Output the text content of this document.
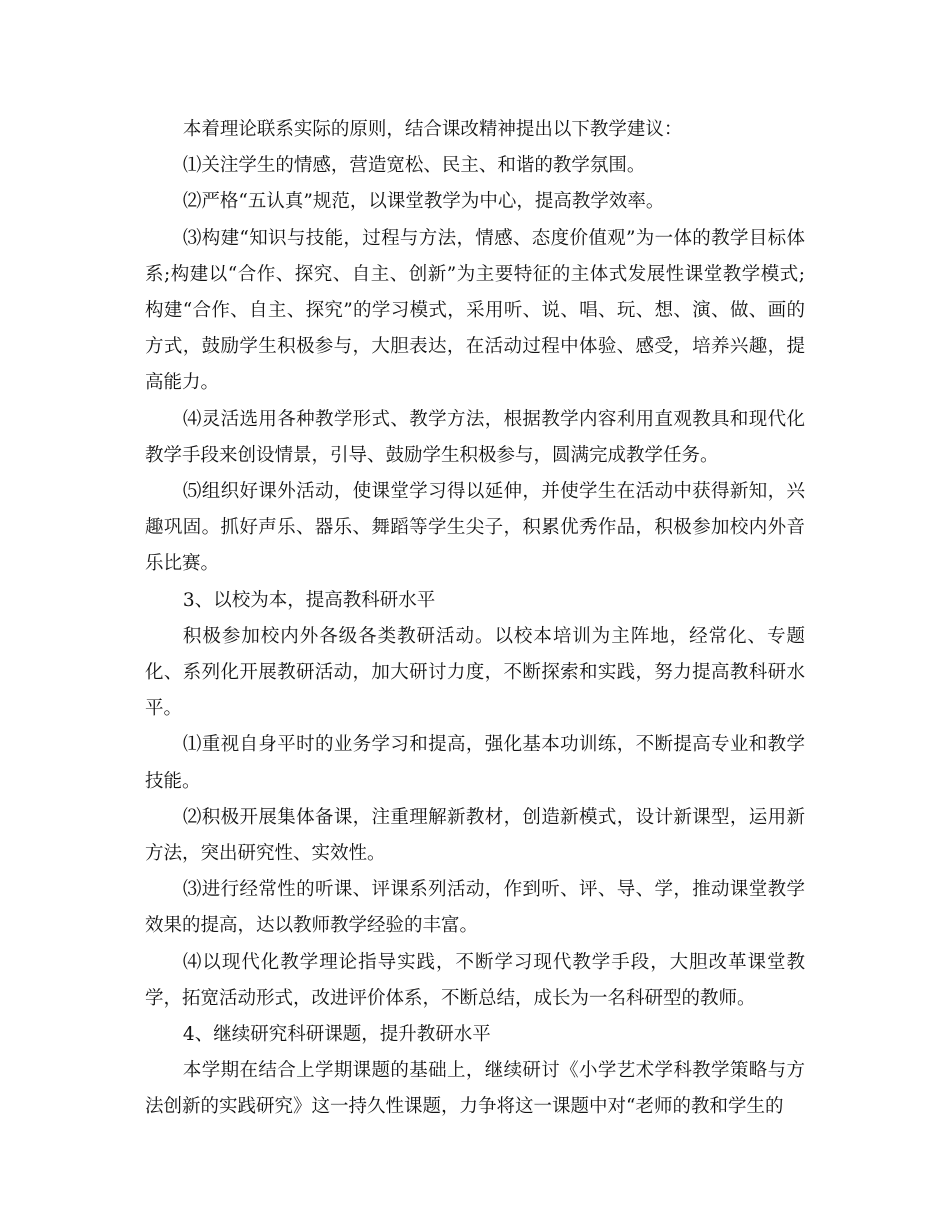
本着理论联系实际的原则，结合课改精神提出以下教学建议：

⑴关注学生的情感，营造宽松、民主、和谐的教学氛围。

⑵严格“五认真”规范，以课堂教学为中心，提高教学效率。

⑶构建“知识与技能，过程与方法，情感、态度价值观”为一体的教学目标体系;构建以“合作、探究、自主、创新”为主要特征的主体式发展性课堂教学模式;构建“合作、自主、探究”的学习模式，采用听、说、唱、玩、想、演、做、画的方式，鼓励学生积极参与，大胆表达，在活动过程中体验、感受，培养兴趣，提高能力。

⑷灵活选用各种教学形式、教学方法，根据教学内容利用直观教具和现代化教学手段来创设情景，引导、鼓励学生积极参与，圆满完成教学任务。

⑸组织好课外活动，使课堂学习得以延伸，并使学生在活动中获得新知，兴趣巩固。抓好声乐、器乐、舞蹈等学生尖子，积累优秀作品，积极参加校内外音乐比赛。

3、以校为本，提高教科研水平

积极参加校内外各级各类教研活动。以校本培训为主阵地，经常化、专题化、系列化开展教研活动，加大研讨力度，不断探索和实践，努力提高教科研水平。

⑴重视自身平时的业务学习和提高，强化基本功训练，不断提高专业和教学技能。

⑵积极开展集体备课，注重理解新教材，创造新模式，设计新课型，运用新方法，突出研究性、实效性。

⑶进行经常性的听课、评课系列活动，作到听、评、导、学，推动课堂教学效果的提高，达以教师教学经验的丰富。

⑷以现代化教学理论指导实践，不断学习现代教学手段，大胆改革课堂教学，拓宽活动形式，改进评价体系，不断总结，成长为一名科研型的教师。

4、继续研究科研课题，提升教研水平

本学期在结合上学期课题的基础上，继续研讨《小学艺术学科教学策略与方法创新的实践研究》这一持久性课题，力争将这一课题中对“老师的教和学生的
